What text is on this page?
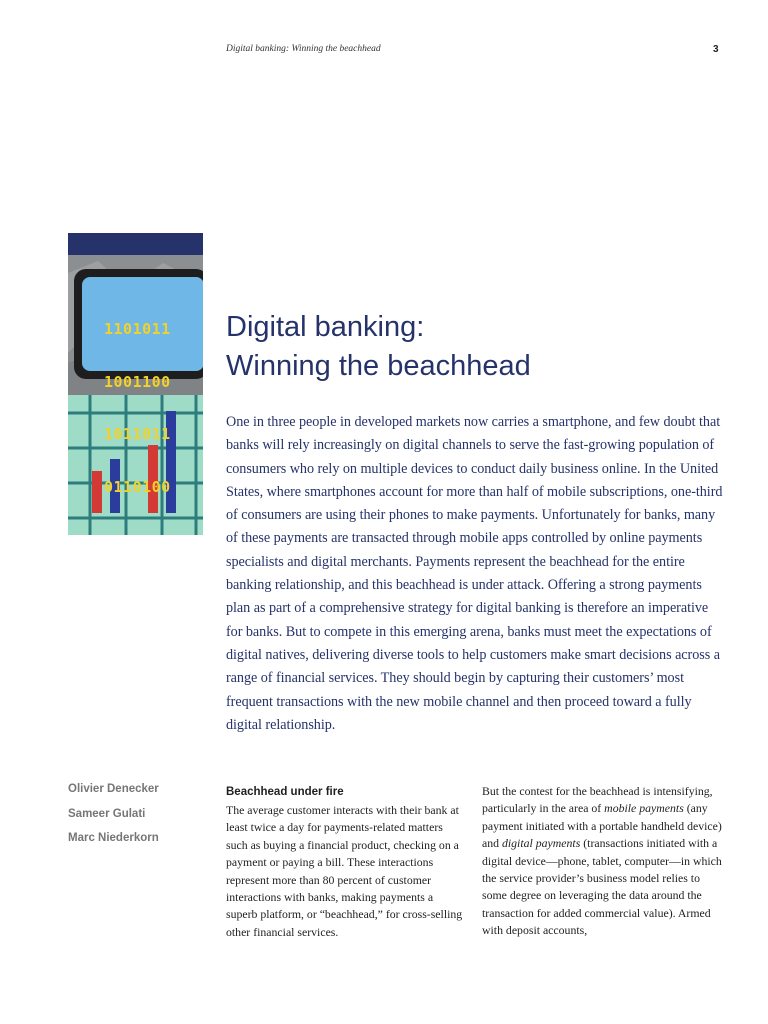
Digital banking: Winning the beachhead	3

1101011

1001100

1011011

0110100

Digital banking:
Winning the beachhead

One in three people in developed markets now carries a smartphone, and few doubt that banks will rely increasingly on digital channels to serve the fast-growing population of consumers who rely on multiple devices to conduct daily business online. In the United States, where smartphones account for more than half of mobile subscriptions, one-third of consumers are using their phones to make payments. Unfortunately for banks, many of these payments are transacted through mobile apps controlled by online payments specialists and digital merchants. Payments represent the beachhead for the entire banking relationship, and this beachhead is under attack. Offering a strong payments plan as part of a comprehensive strategy for digital banking is therefore an imperative for banks. But to compete in this emerging arena, banks must meet the expectations of digital natives, delivering diverse tools to help customers make smart decisions across a range of financial services. They should begin by capturing their customers’ most frequent transactions with the new mobile channel and then proceed toward a fully digital relationship.

Olivier Denecker
Sameer Gulati
Marc Niederkorn
Beachhead under fire

The average customer interacts with their bank at least twice a day for payments-related matters such as buying a financial product, checking on a payment or paying a bill. These interactions represent more than 80 percent of customer interactions with banks, making payments a superb platform, or “beachhead,” for cross-selling other financial services.

But the contest for the beachhead is intensifying, particularly in the area of mobile payments (any payment initiated with a portable handheld device) and digital payments (transactions initiated with a digital device—phone, tablet, computer—in which the service provider’s business model relies to some degree on leveraging the data around the transaction for added commercial value). Armed with deposit accounts,
